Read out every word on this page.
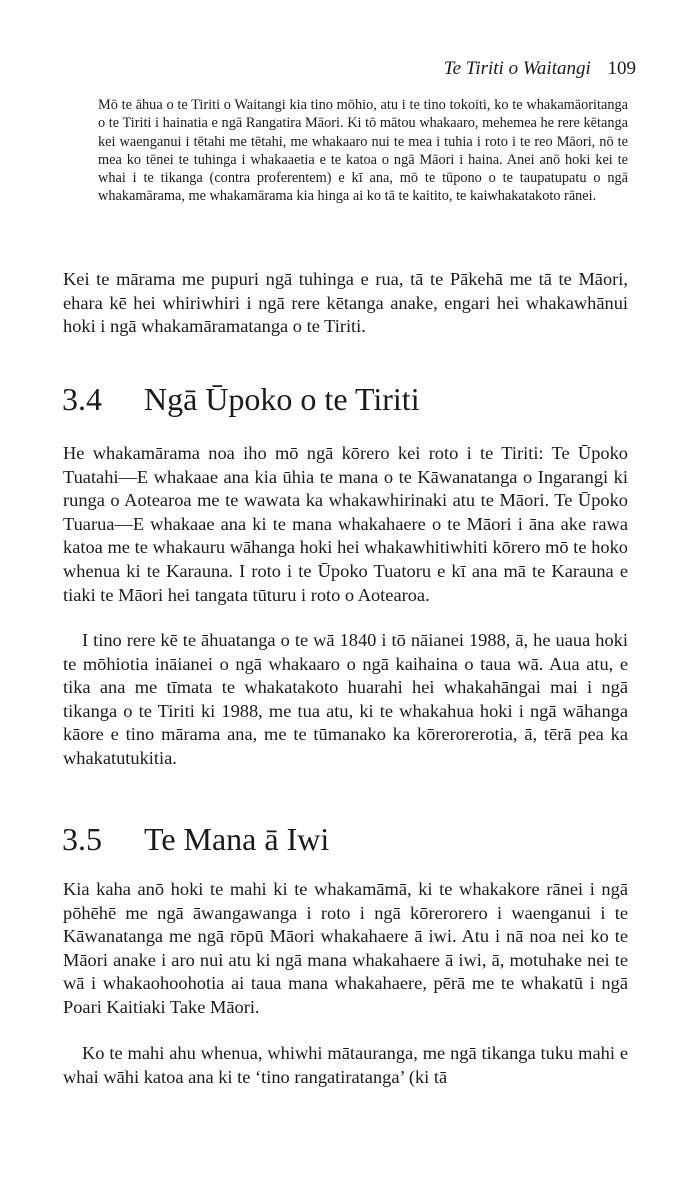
Te Tiriti o Waitangi 109

Mō te āhua o te Tiriti o Waitangi kia tino mōhio, atu i te tino tokoiti, ko te whakamāoritanga o te Tiriti i hainatia e ngā Rangatira Māori. Ki tō mātou whakaaro, mehemea he rere kētanga kei waenganui i tētahi me tētahi, me whakaaro nui te mea i tuhia i roto i te reo Māori, nō te mea ko tēnei te tuhinga i whakaaetia e te katoa o ngā Māori i haina. Anei anō hoki kei te whai i te tikanga (contra proferentem) e kī ana, mō te tūpono o te taupatupatu o ngā whakamārama, me whakamārama kia hinga ai ko tā te kaitito, te kaiwhakatakoto rānei.

Kei te mārama me pupuri ngā tuhinga e rua, tā te Pākehā me tā te Māori, ehara kē hei whiriwhiri i ngā rere kētanga anake, engari hei whakawhānui hoki i ngā whakamāramatanga o te Tiriti.

3.4 Ngā Ūpoko o te Tiriti

He whakamārama noa iho mō ngā kōrero kei roto i te Tiriti: Te Ūpoko Tuatahi—E whakaae ana kia ūhia te mana o te Kāwanatanga o Ingarangi ki runga o Aotearoa me te wawata ka whakawhirinaki atu te Māori. Te Ūpoko Tuarua—E whakaae ana ki te mana whakahaere o te Māori i āna ake rawa katoa me te whakauru wāhanga hoki hei whakawhitiwhiti kōrero mō te hoko whenua ki te Karauna. I roto i te Ūpoko Tuatoru e kī ana mā te Karauna e tiaki te Māori hei tangata tūturu i roto o Aotearoa.

I tino rere kē te āhuatanga o te wā 1840 i tō nāianei 1988, ā, he uaua hoki te mōhiotia ināianei o ngā whakaaro o ngā kaihaina o taua wā. Aua atu, e tika ana me tīmata te whakatakoto huarahi hei whakahāngai mai i ngā tikanga o te Tiriti ki 1988, me tua atu, ki te whakahua hoki i ngā wāhanga kāore e tino mārama ana, me te tūmanako ka kōrerorerotia, ā, tērā pea ka whakatutukitia.

3.5 Te Mana ā Iwi

Kia kaha anō hoki te mahi ki te whakamāmā, ki te whakakore rānei i ngā pōhēhē me ngā āwangawanga i roto i ngā kōrerorero i waenganui i te Kāwanatanga me ngā rōpū Māori whakahaere ā iwi. Atu i nā noa nei ko te Māori anake i aro nui atu ki ngā mana whakahaere ā iwi, ā, motuhake nei te wā i whakaohoohotia ai taua mana whakahaere, pērā me te whakatū i ngā Poari Kaitiaki Take Māori.

Ko te mahi ahu whenua, whiwhi mātauranga, me ngā tikanga tuku mahi e whai wāhi katoa ana ki te ‘tino rangatiratanga’ (ki tā
